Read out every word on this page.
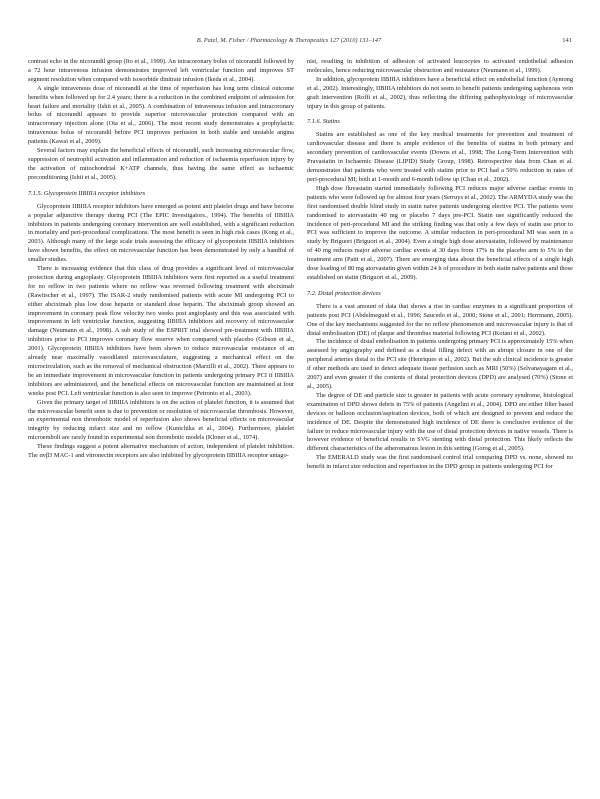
B. Patel, M. Fisher / Pharmacology & Therapeutics 127 (2010) 131–147	141

contrast echo in the nicorandil group (Ito et al., 1999). An intracoronary bolus of nicorandil followed by a 72 hour intravenous infusion demonstrates improved left ventricular function and improves ST segment resolution when compared with isosorbide dinitrate infusion (Ikeda et al., 2004).

A single intravenous dose of nicorandil at the time of reperfusion has long term clinical outcome benefits when followed up for 2.4 years; there is a reduction in the combined endpoint of admission for heart failure and mortality (Ishii et al., 2005). A combination of intravenous infusion and intracoronary bolus of nicorandil appears to provide superior microvascular protection compared with an intracoronary injection alone (Ota et al., 2006). The most recent study demonstrates a prophylactic intravenous bolus of nicorandil before PCI improves perfusion in both stable and unstable angina patients (Kawai et al., 2009).

Several factors may explain the beneficial effects of nicorandil, such increasing microvascular flow, suppression of neutrophil activation and inflammation and reduction of ischaemia reperfusion injury by the activation of mitochondrial K+ATP channels, thus having the same effect as ischaemic preconditioning (Ishii et al., 2005).

7.1.5. Glycoprotein IIBIIIA receptor inhibitors

Glycoprotein IIBIIIA receptor inhibitors have emerged as potent anti platelet drugs and have become a popular adjunctive therapy during PCI (The EPIC Investigators., 1994). The benefits of IIBIIIA inhibitors in patients undergoing coronary intervention are well established, with a significant reduction in mortality and peri-procedural complications. The most benefit is seen in high risk cases (Kong et al., 2003). Although many of the large scale trials assessing the efficacy of glycoprotein IIBIIIA inhibitors have shown benefits, the effect on microvascular function has been demonstrated by only a handful of smaller studies.

There is increasing evidence that this class of drug provides a significant level of microvascular protection during angioplasty. Glycoprotein IIBIIIA inhibitors were first reported as a useful treatment for no reflow in two patients where no reflow was reversed following treatment with abciximab (Rawitscher et al., 1997). The ISAR-2 study randomised patients with acute MI undergoing PCI to either abciximab plus low dose heparin or standard dose heparin. The abciximab group showed an improvement in coronary peak flow velocity two weeks post angioplasty and this was associated with improvement in left ventricular function, suggesting IIBIIIA inhibitors aid recovery of microvascular damage (Neumann et al., 1998). A sub study of the ESPRIT trial showed pre-treatment with IIBIIIA inhibitors prior to PCI improves coronary flow reserve when compared with placebo (Gibson et al., 2001). Glycoprotein IIBIIIA inhibitors have been shown to reduce microvascular resistance of an already near maximally vasodilated microvasculature, suggesting a mechanical effect on the microcirculation, such as the removal of mechanical obstruction (Marzilli et al., 2002). There appears to be an immediate improvement in microvascular function in patients undergoing primary PCI if IIBIIIA inhibitors are administered, and the beneficial effects on microvascular function are maintained at four weeks post PCI. Left ventricular function is also seen to improve (Petronio et al., 2003).

Given the primary target of IIBIIIA inhibitors is on the action of platelet function, it is assumed that the microvascular benefit seen is due to prevention or resolution of microvascular thrombosis. However, an experimental non thrombotic model of reperfusion also shows beneficial effects on microvascular integrity by reducing infarct size and no reflow (Kunichika et al., 2004). Furthermore, platelet microemboli are rarely found in experimental non thrombotic models (Kloner et al., 1974).

These findings suggest a potent alternative mechanism of action, independent of platelet inhibition. The αvβ3 MAC-1 and vitronectin receptors are also inhibited by glycoprotein IIBIIIA receptor antago-

nist, resulting in inhibition of adhesion of activated leucocytes to activated endothelial adhesion molecules, hence reducing microvascular obstruction and resistance (Neumann et al., 1999).

In addition, glycoprotein IIBIIIA inhibitors have a beneficial effect on endothelial function (Aymong et al., 2002). Interestingly, IIBIIIA inhibitors do not seem to benefit patients undergoing saphenous vein graft intervention (Roffi et al., 2002), thus reflecting the differing pathophysiology of microvascular injury in this group of patients.

7.1.6. Statins

Statins are established as one of the key medical treatments for prevention and treatment of cardiovascular disease and there is ample evidence of the benefits of statins in both primary and secondary prevention of cardiovascular events (Downs et al., 1998; The Long-Term Intervention with Pravastatin in Ischaemic Disease (LIPID) Study Group, 1998). Retrospective data from Chan et al. demonstrates that patients who were treated with statins prior to PCI had a 50% reduction in rates of peri-procedural MI; both at 1-month and 6-month follow up (Chan et al., 2002).

High dose fluvastatin started immediately following PCI reduces major adverse cardiac events in patients who were followed up for almost four years (Serruys et al., 2002). The ARMYDA study was the first randomised double blind study in statin naïve patients undergoing elective PCI. The patients were randomised to atorvastatin 40 mg or placebo 7 days pre-PCI. Statin use significantly reduced the incidence of peri-procedural MI and the striking finding was that only a few days of statin use prior to PCI was sufficient to improve the outcome. A similar reduction in peri-procedural MI was seen in a study by Briguori (Briguori et al., 2004). Even a single high dose atorvastatin, followed by maintenance of 40 mg reduces major adverse cardiac events at 30 days from 17% in the placebo arm to 5% in the treatment arm (Patti et al., 2007). There are emerging data about the beneficial effects of a single high dose loading of 80 mg atorvastatin given within 24 h of procedure in both statin naïve patients and those established on statin (Briguori et al., 2009).

7.2. Distal protection devices

There is a vast amount of data that shows a rise in cardiac enzymes in a significant proportion of patients post PCI (Abdelmeguid et al., 1996; Saucedo et al., 2000; Stone et al., 2001; Herrmann, 2005). One of the key mechanisms suggested for the no reflow phenomenon and microvascular injury is that of distal embolisation (DE) of plaque and thrombus material following PCI (Kotani et al., 2002).

The incidence of distal embolisation in patients undergoing primary PCI is approximately 15% when assessed by angiography and defined as a distal filling defect with an abrupt closure in one of the peripheral arteries distal to the PCI site (Henriques et al., 2002). But the sub clinical incidence is greater if other methods are used to detect adequate tissue perfusion such as MRI (50%) (Selvanayagam et al., 2007) and even greater if the contents of distal protection devices (DPD) are analysed (70%) (Stone et al., 2005).

The degree of DE and particle size is greater in patients with acute coronary syndrome, histological examination of DPD shows debris in 75% of patients (Angelini et al., 2004). DPD are either filter based devices or balloon occlusion/aspiration devices, both of which are designed to prevent and reduce the incidence of DE. Despite the demonstrated high incidence of DE there is conclusive evidence of the failure to reduce microvascular injury with the use of distal protection devices in native vessels. There is however evidence of beneficial results in SVG stenting with distal protection. This likely reflects the different characteristics of the atheromatous lesion in this setting (Gorog et al., 2005).

The EMERALD study was the first randomised control trial comparing DPD vs. none, showed no benefit in infarct size reduction and reperfusion in the DPD group in patients undergoing PCI for
